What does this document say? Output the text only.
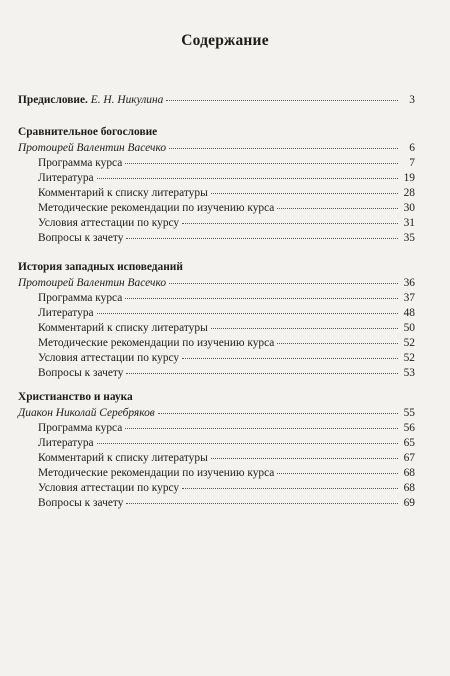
Содержание
Предисловие. Е. Н. Никулина	3
Сравнительное богословие
Протоирей Валентин Васечко	6
Программа курса	7
Литература	19
Комментарий к списку литературы	28
Методические рекомендации по изучению курса	30
Условия аттестации по курсу	31
Вопросы к зачету	35
История западных исповеданий
Протоирей Валентин Васечко	36
Программа курса	37
Литература	48
Комментарий к списку литературы	50
Методические рекомендации по изучению курса	52
Условия аттестации по курсу	52
Вопросы к зачету	53
Христианство и наука
Диакон Николай Серебряков	55
Программа курса	56
Литература	65
Комментарий к списку литературы	67
Методические рекомендации по изучению курса	68
Условия аттестации по курсу	68
Вопросы к зачету	69
